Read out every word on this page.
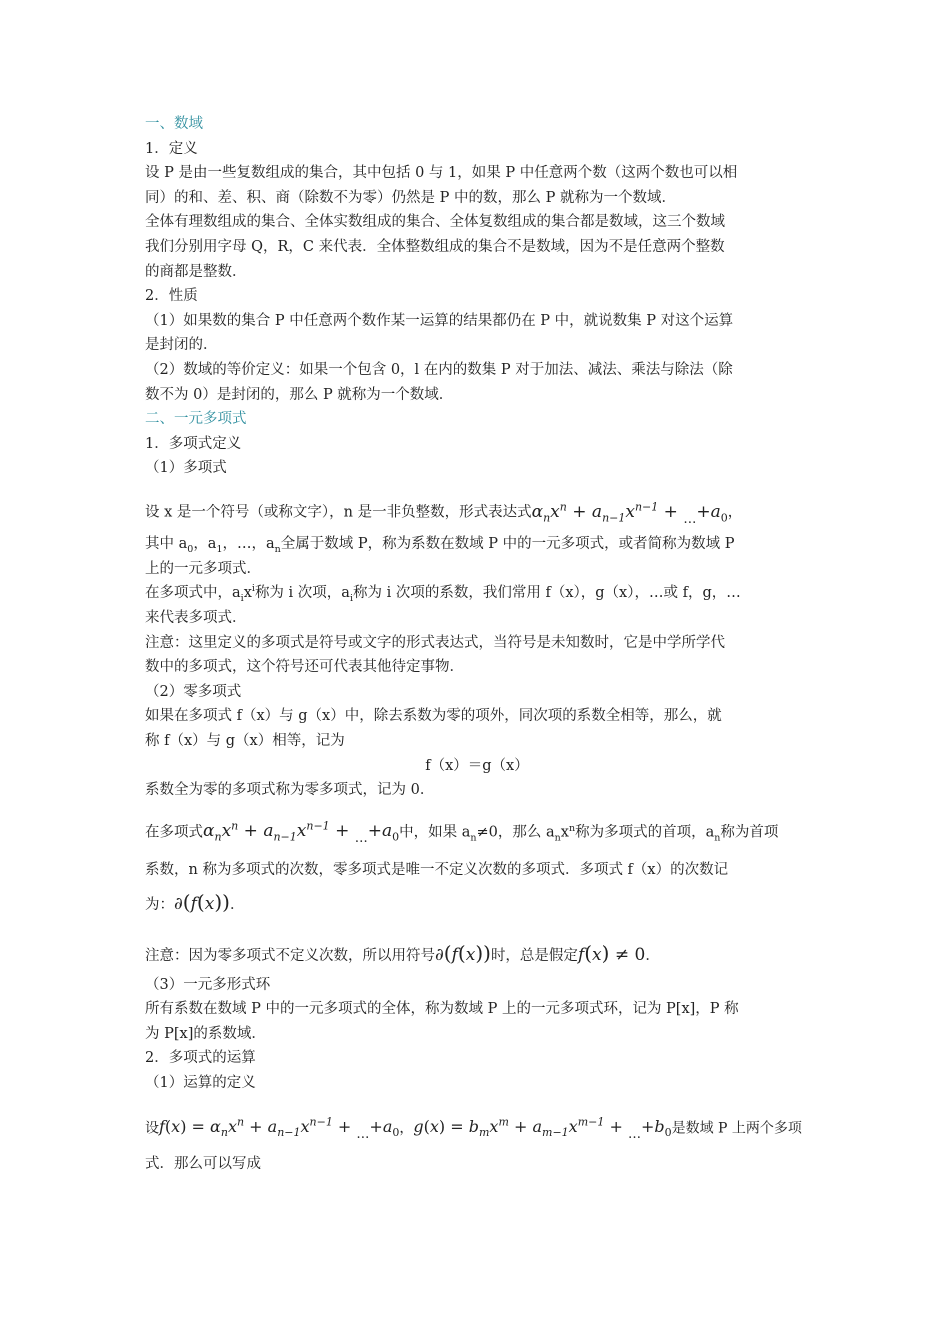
一、数域
1．定义
设 P 是由一些复数组成的集合，其中包括 0 与 1，如果 P 中任意两个数（这两个数也可以相
同）的和、差、积、商（除数不为零）仍然是 P 中的数，那么 P 就称为一个数域．
全体有理数组成的集合、全体实数组成的集合、全体复数组成的集合都是数域，这三个数域
我们分别用字母 Q，R，C 来代表．全体整数组成的集合不是数域，因为不是任意两个整数
的商都是整数．
2．性质
（1）如果数的集合 P 中任意两个数作某一运算的结果都仍在 P 中，就说数集 P 对这个运算
是封闭的．
（2）数域的等价定义：如果一个包含 0，l 在内的数集 P 对于加法、减法、乘法与除法（除
数不为 0）是封闭的，那么 P 就称为一个数域．
二、一元多项式
1．多项式定义
（1）多项式
设 x 是一个符号（或称文字），n 是一非负整数，形式表达式$\alpha_nx^n + a_{n-1}x^{n-1} + _\dots+a_0$，
其中 $a_0$，$a_1$，…，$a_n$全属于数域 P，称为系数在数域 P 中的一元多项式，或者简称为数域 P
上的一元多项式．
在多项式中，$a_ix^i$称为 i 次项，$a_i$称为 i 次项的系数，我们常用 f（x），g（x），…或 f，g，…
来代表多项式．
注意：这里定义的多项式是符号或文字的形式表达式，当符号是未知数时，它是中学所学代
数中的多项式，这个符号还可代表其他待定事物．
（2）零多项式
如果在多项式 f（x）与 g（x）中，除去系数为零的项外，同次项的系数全相等，那么，就
称 f（x）与 g（x）相等，记为
f（x）＝g（x）
系数全为零的多项式称为零多项式，记为 0．
在多项式$\alpha_nx^n + a_{n-1}x^{n-1} + _\dots+a_0$中，如果 $a_n\ne 0$，那么 $a_nx^n$称为多项式的首项，$a_n$称为首项
系数，n 称为多项式的次数，零多项式是唯一不定义次数的多项式．多项式 f（x）的次数记
为：∂(f(x))．
注意：因为零多项式不定义次数，所以用符号∂(f(x))时，总是假定f(x) ≠ 0．
（3）一元多形式环
所有系数在数域 P 中的一元多项式的全体，称为数域 P 上的一元多项式环，记为 P[x]，P 称
为 P[x]的系数域．
2．多项式的运算
（1）运算的定义
设$f(x) = \alpha_nx^n + a_{n-1}x^{n-1} + _\dots+a_0$，$g(x) = b_mx^m + a_{m-1}x^{m-1} + _\dots+b_0$是数域 P 上两个多项
式．那么可以写成
